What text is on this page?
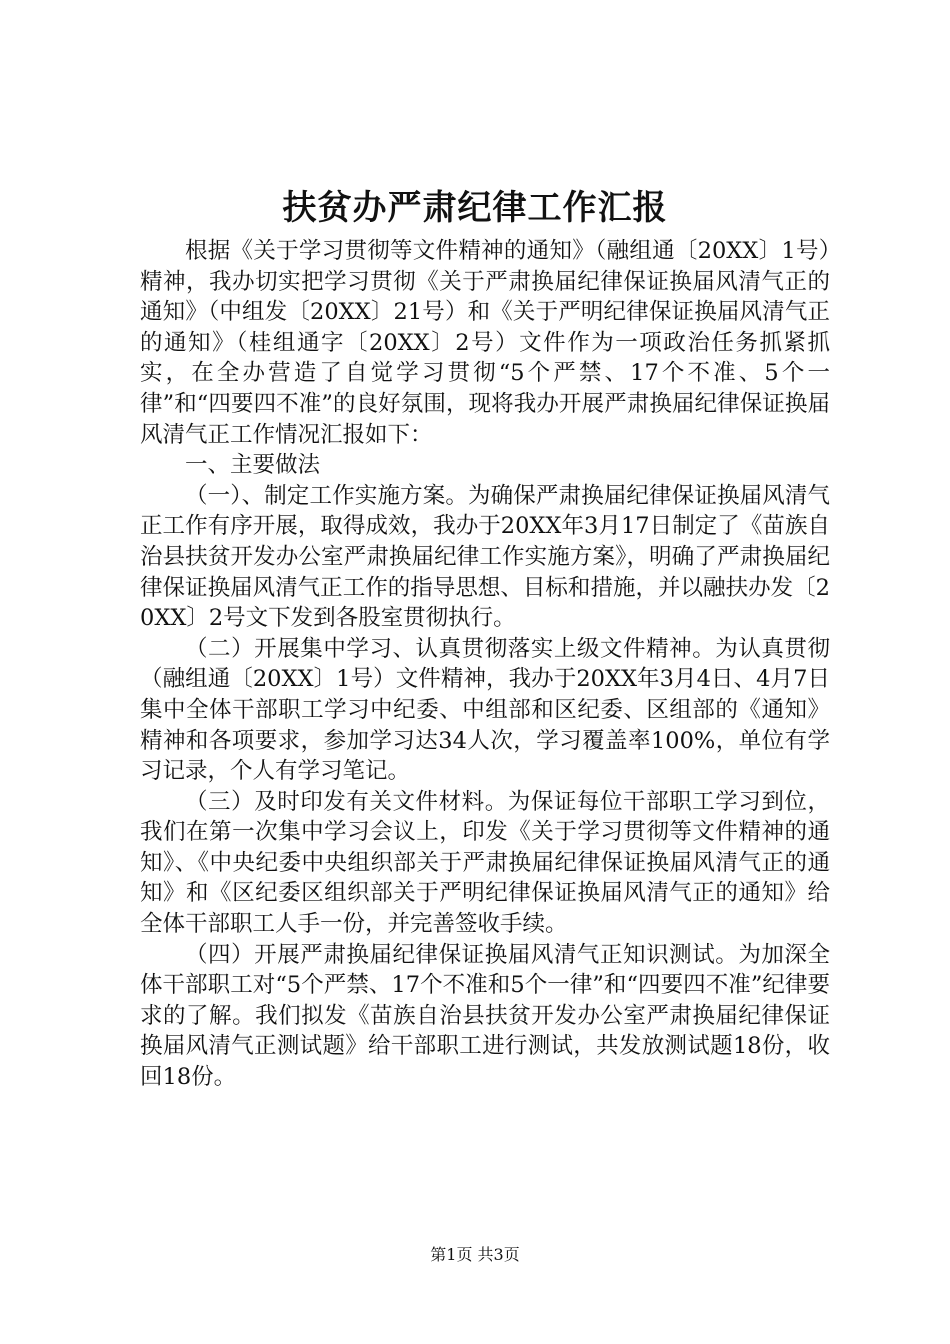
扶贫办严肃纪律工作汇报

根据《关于学习贯彻等文件精神的通知》（融组通〔20XX〕1号）精神，我办切实把学习贯彻《关于严肃换届纪律保证换届风清气正的通知》（中组发〔20XX〕21号）和《关于严明纪律保证换届风清气正的通知》（桂组通字〔20XX〕2号）文件作为一项政治任务抓紧抓实，在全办营造了自觉学习贯彻“5个严禁、17个不准、5个一律”和“四要四不准”的良好氛围，现将我办开展严肃换届纪律保证换届风清气正工作情况汇报如下：

一、主要做法

（一）、制定工作实施方案。为确保严肃换届纪律保证换届风清气正工作有序开展，取得成效，我办于20XX年3月17日制定了《苗族自治县扶贫开发办公室严肃换届纪律工作实施方案》，明确了严肃换届纪律保证换届风清气正工作的指导思想、目标和措施，并以融扶办发〔20XX〕2号文下发到各股室贯彻执行。

（二）开展集中学习、认真贯彻落实上级文件精神。为认真贯彻（融组通〔20XX〕1号）文件精神，我办于20XX年3月4日、4月7日集中全体干部职工学习中纪委、中组部和区纪委、区组部的《通知》精神和各项要求，参加学习达34人次，学习覆盖率100%，单位有学习记录，个人有学习笔记。

（三）及时印发有关文件材料。为保证每位干部职工学习到位，我们在第一次集中学习会议上，印发《关于学习贯彻等文件精神的通知》、《中央纪委中央组织部关于严肃换届纪律保证换届风清气正的通知》和《区纪委区组织部关于严明纪律保证换届风清气正的通知》给全体干部职工人手一份，并完善签收手续。

（四）开展严肃换届纪律保证换届风清气正知识测试。为加深全体干部职工对“5个严禁、17个不准和5个一律”和“四要四不准”纪律要求的了解。我们拟发《苗族自治县扶贫开发办公室严肃换届纪律保证换届风清气正测试题》给干部职工进行测试，共发放测试题18份，收回18份。

第1页 共3页
